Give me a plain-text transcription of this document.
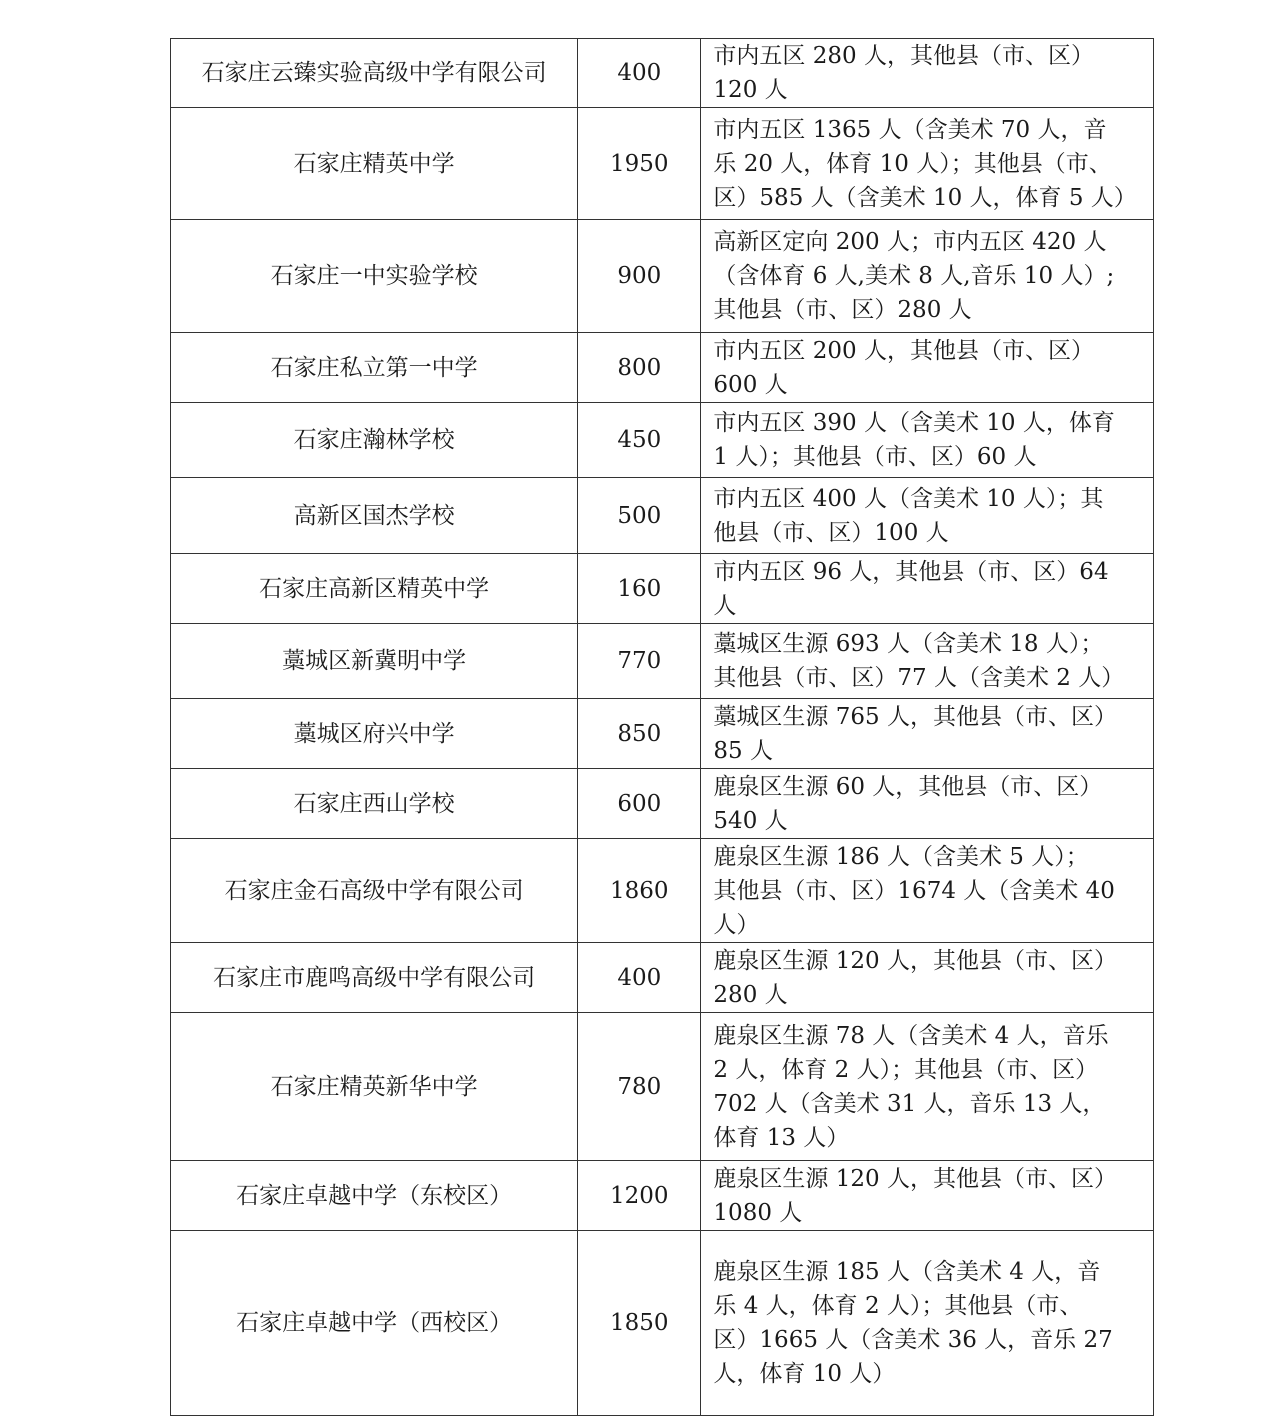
石家庄云臻实验高级中学有限公司	400	市内五区 280 人，其他县（市、区）
120 人

石家庄精英中学	1950	市内五区 1365 人（含美术 70 人，音
乐 20 人，体育 10 人）；其他县（市、
区）585 人（含美术 10 人，体育 5 人）

石家庄一中实验学校	900	高新区定向 200 人；市内五区 420 人
（含体育 6 人,美术 8 人,音乐 10 人）;
其他县（市、区）280 人

石家庄私立第一中学	800	市内五区 200 人，其他县（市、区）
600 人

石家庄瀚林学校	450	市内五区 390 人（含美术 10 人，体育
1 人）；其他县（市、区）60 人

高新区国杰学校	500	市内五区 400 人（含美术 10 人）；其
他县（市、区）100 人

石家庄高新区精英中学	160	市内五区 96 人，其他县（市、区）64
人

藁城区新冀明中学	770	藁城区生源 693 人（含美术 18 人）；
其他县（市、区）77 人（含美术 2 人）

藁城区府兴中学	850	藁城区生源 765 人，其他县（市、区）
85 人

石家庄西山学校	600	鹿泉区生源 60 人，其他县（市、区）
540 人

石家庄金石高级中学有限公司	1860	鹿泉区生源 186 人（含美术 5 人）；
其他县（市、区）1674 人（含美术 40
人）

石家庄市鹿鸣高级中学有限公司	400	鹿泉区生源 120 人，其他县（市、区）
280 人

石家庄精英新华中学	780	鹿泉区生源 78 人（含美术 4 人，音乐
2 人，体育 2 人）；其他县（市、区）
702 人（含美术 31 人，音乐 13 人，
体育 13 人）

石家庄卓越中学（东校区）	1200	鹿泉区生源 120 人，其他县（市、区）
1080 人

石家庄卓越中学（西校区）	1850	鹿泉区生源 185 人（含美术 4 人，音
乐 4 人，体育 2 人）；其他县（市、
区）1665 人（含美术 36 人，音乐 27
人，体育 10 人）
